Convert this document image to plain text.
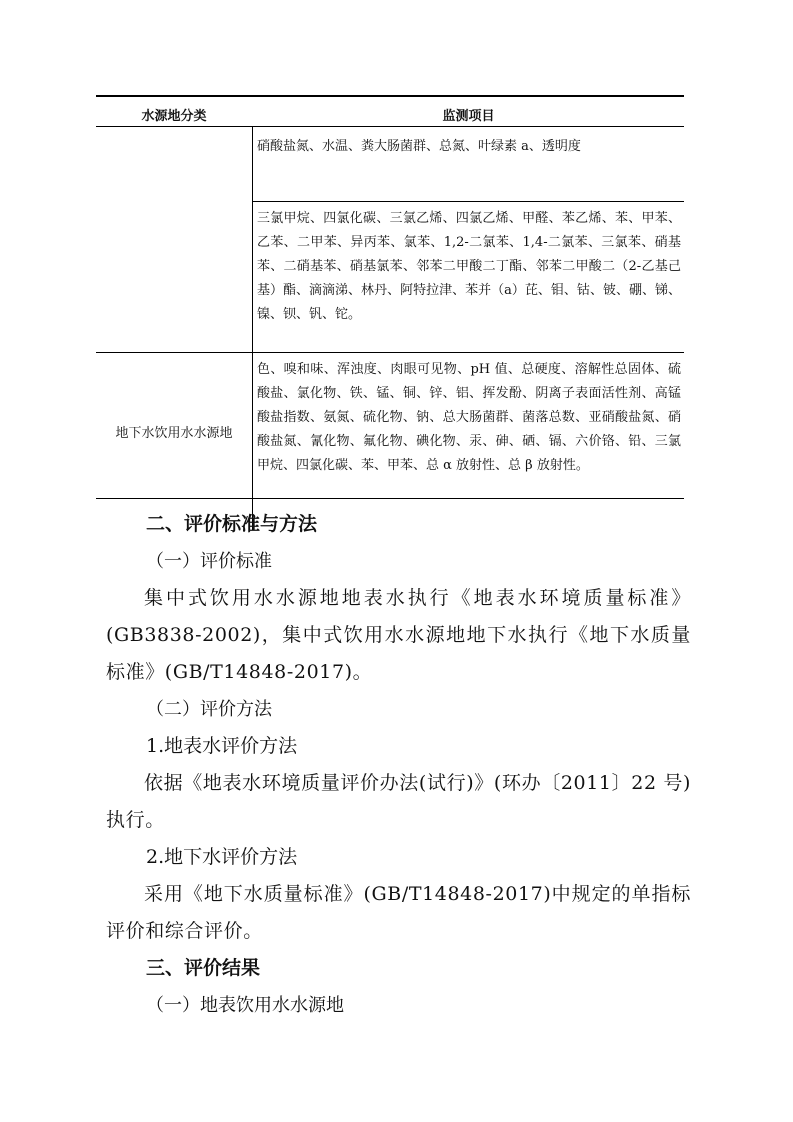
水源地分类	监测项目
硝酸盐氮、水温、粪大肠菌群、总氮、叶绿素 a、透明度
三氯甲烷、四氯化碳、三氯乙烯、四氯乙烯、甲醛、苯乙烯、苯、甲苯、乙苯、二甲苯、异丙苯、氯苯、1,2-二氯苯、1,4-二氯苯、三氯苯、硝基苯、二硝基苯、硝基氯苯、邻苯二甲酸二丁酯、邻苯二甲酸二（2-乙基己基）酯、滴滴涕、林丹、阿特拉津、苯并（a）芘、钼、钴、铍、硼、锑、镍、钡、钒、铊。
地下水饮用水水源地
色、嗅和味、浑浊度、肉眼可见物、pH 值、总硬度、溶解性总固体、硫酸盐、氯化物、铁、锰、铜、锌、铝、挥发酚、阴离子表面活性剂、高锰酸盐指数、氨氮、硫化物、钠、总大肠菌群、菌落总数、亚硝酸盐氮、硝酸盐氮、氰化物、氟化物、碘化物、汞、砷、硒、镉、六价铬、铅、三氯甲烷、四氯化碳、苯、甲苯、总 α 放射性、总 β 放射性。
二、评价标准与方法
（一）评价标准
集中式饮用水水源地地表水执行《地表水环境质量标准》(GB3838-2002)，集中式饮用水水源地地下水执行《地下水质量标准》(GB/T14848-2017)。
（二）评价方法
1.地表水评价方法
依据《地表水环境质量评价办法(试行)》(环办〔2011〕22 号)执行。
2.地下水评价方法
采用《地下水质量标准》(GB/T14848-2017)中规定的单指标评价和综合评价。
三、评价结果
（一）地表饮用水水源地
